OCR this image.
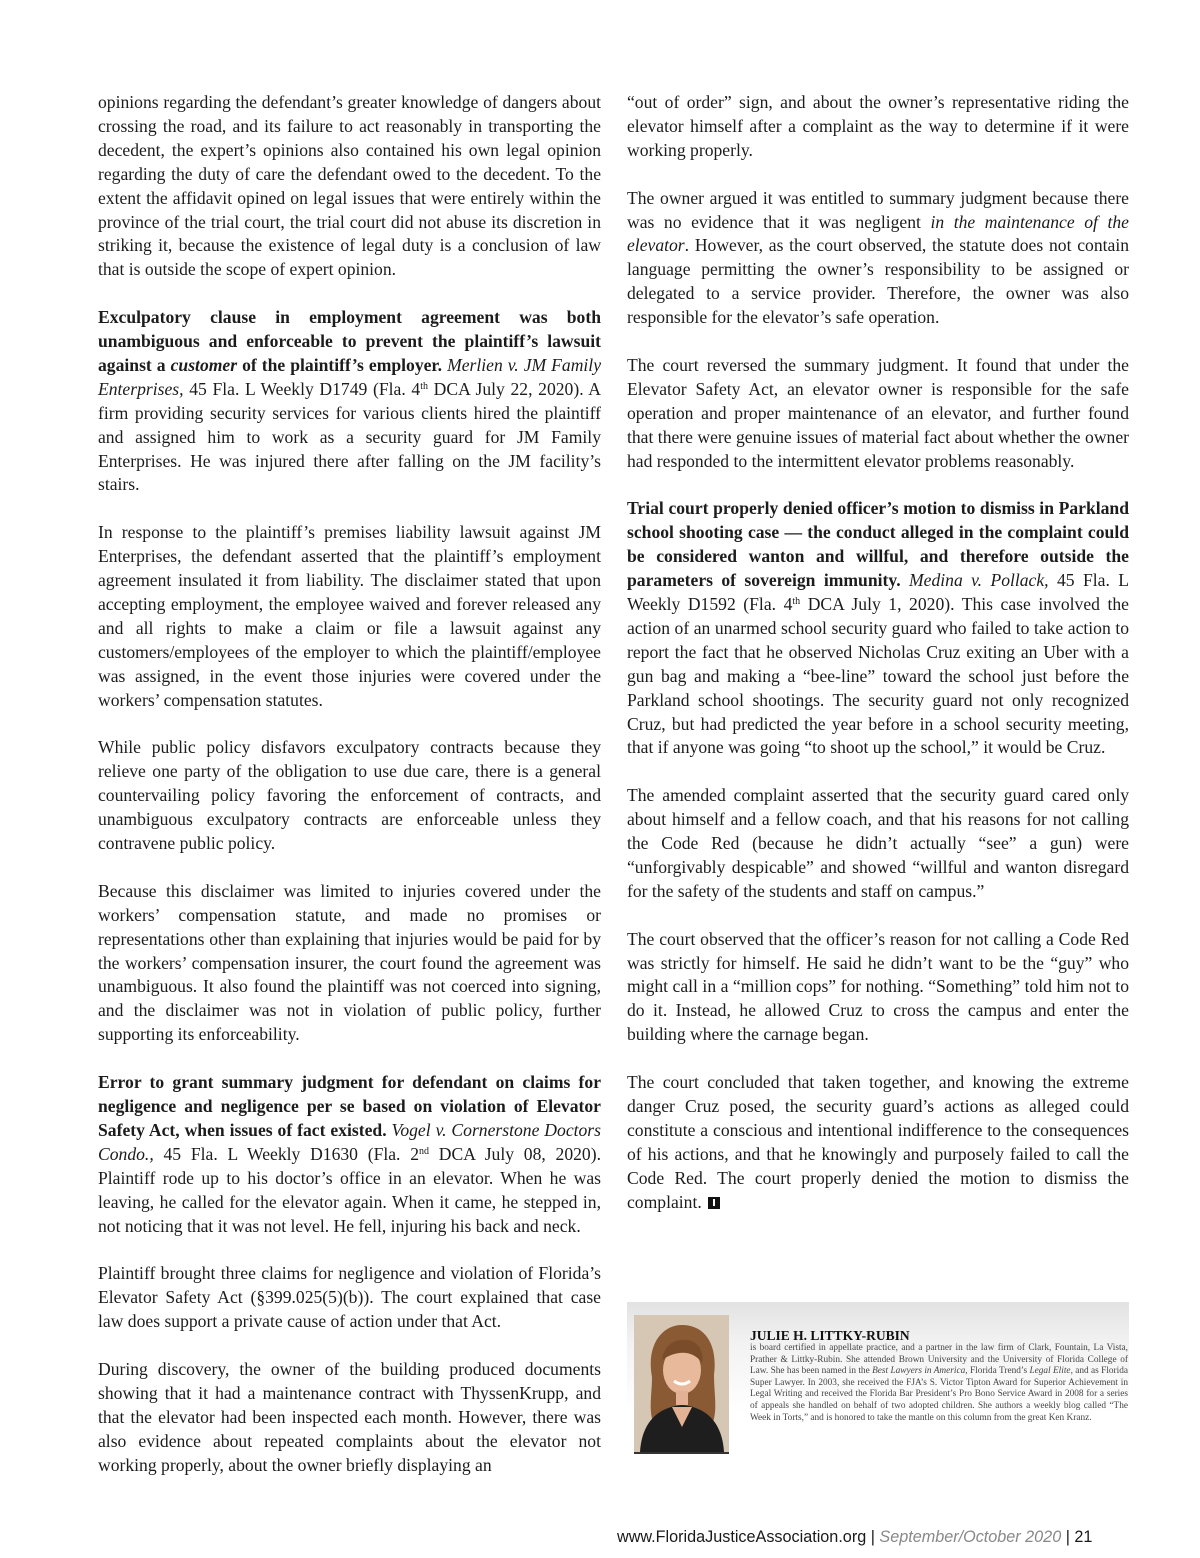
opinions regarding the defendant’s greater knowledge of dangers about crossing the road, and its failure to act reasonably in transporting the decedent, the expert’s opinions also contained his own legal opinion regarding the duty of care the defendant owed to the decedent. To the extent the affidavit opined on legal issues that were entirely within the province of the trial court, the trial court did not abuse its discretion in striking it, because the existence of legal duty is a conclusion of law that is outside the scope of expert opinion.

Exculpatory clause in employment agreement was both unambiguous and enforceable to prevent the plaintiff’s lawsuit against a customer of the plaintiff’s employer. Merlien v. JM Family Enterprises, 45 Fla. L Weekly D1749 (Fla. 4th DCA July 22, 2020). A firm providing security services for various clients hired the plaintiff and assigned him to work as a security guard for JM Family Enterprises. He was injured there after falling on the JM facility’s stairs.

In response to the plaintiff’s premises liability lawsuit against JM Enterprises, the defendant asserted that the plaintiff’s employment agreement insulated it from liability. The disclaimer stated that upon accepting employment, the employee waived and forever released any and all rights to make a claim or file a lawsuit against any customers/employees of the employer to which the plaintiff/employee was assigned, in the event those injuries were covered under the workers’ compensation statutes.

While public policy disfavors exculpatory contracts because they relieve one party of the obligation to use due care, there is a general countervailing policy favoring the enforcement of contracts, and unambiguous exculpatory contracts are enforceable unless they contravene public policy.

Because this disclaimer was limited to injuries covered under the workers’ compensation statute, and made no promises or representations other than explaining that injuries would be paid for by the workers’ compensation insurer, the court found the agreement was unambiguous. It also found the plaintiff was not coerced into signing, and the disclaimer was not in violation of public policy, further supporting its enforceability.

Error to grant summary judgment for defendant on claims for negligence and negligence per se based on violation of Elevator Safety Act, when issues of fact existed. Vogel v. Cornerstone Doctors Condo., 45 Fla. L Weekly D1630 (Fla. 2nd DCA July 08, 2020). Plaintiff rode up to his doctor’s office in an elevator. When he was leaving, he called for the elevator again. When it came, he stepped in, not noticing that it was not level. He fell, injuring his back and neck.

Plaintiff brought three claims for negligence and violation of Florida’s Elevator Safety Act (§399.025(5)(b)). The court explained that case law does support a private cause of action under that Act.

During discovery, the owner of the building produced documents showing that it had a maintenance contract with ThyssenKrupp, and that the elevator had been inspected each month. However, there was also evidence about repeated complaints about the elevator not working properly, about the owner briefly displaying an

“out of order” sign, and about the owner’s representative riding the elevator himself after a complaint as the way to determine if it were working properly.

The owner argued it was entitled to summary judgment because there was no evidence that it was negligent in the maintenance of the elevator. However, as the court observed, the statute does not contain language permitting the owner’s responsibility to be assigned or delegated to a service provider. Therefore, the owner was also responsible for the elevator’s safe operation.

The court reversed the summary judgment. It found that under the Elevator Safety Act, an elevator owner is responsible for the safe operation and proper maintenance of an elevator, and further found that there were genuine issues of material fact about whether the owner had responded to the intermittent elevator problems reasonably.

Trial court properly denied officer’s motion to dismiss in Parkland school shooting case — the conduct alleged in the complaint could be considered wanton and willful, and therefore outside the parameters of sovereign immunity. Medina v. Pollack, 45 Fla. L Weekly D1592 (Fla. 4th DCA July 1, 2020). This case involved the action of an unarmed school security guard who failed to take action to report the fact that he observed Nicholas Cruz exiting an Uber with a gun bag and making a “bee-line” toward the school just before the Parkland school shootings. The security guard not only recognized Cruz, but had predicted the year before in a school security meeting, that if anyone was going “to shoot up the school,” it would be Cruz.

The amended complaint asserted that the security guard cared only about himself and a fellow coach, and that his reasons for not calling the Code Red (because he didn’t actually “see” a gun) were “unforgivably despicable” and showed “willful and wanton disregard for the safety of the students and staff on campus.”

The court observed that the officer’s reason for not calling a Code Red was strictly for himself. He said he didn’t want to be the “guy” who might call in a “million cops” for nothing. “Something” told him not to do it. Instead, he allowed Cruz to cross the campus and enter the building where the carnage began.

The court concluded that taken together, and knowing the extreme danger Cruz posed, the security guard’s actions as alleged could constitute a conscious and intentional indifference to the consequences of his actions, and that he knowingly and purposely failed to call the Code Red. The court properly denied the motion to dismiss the complaint.

JULIE H. LITTKY-RUBIN
is board certified in appellate practice, and a partner in the law firm of Clark, Fountain, La Vista, Prather & Littky-Rubin. She attended Brown University and the University of Florida College of Law. She has been named in the Best Lawyers in America, Florida Trend’s Legal Elite, and as Florida Super Lawyer. In 2003, she received the FJA’s S. Victor Tipton Award for Superior Achievement in Legal Writing and received the Florida Bar President’s Pro Bono Service Award in 2008 for a series of appeals she handled on behalf of two adopted children. She authors a weekly blog called “The Week in Torts,” and is honored to take the mantle on this column from the great Ken Kranz.
www.FloridaJusticeAssociation.org | September/October 2020 | 21
